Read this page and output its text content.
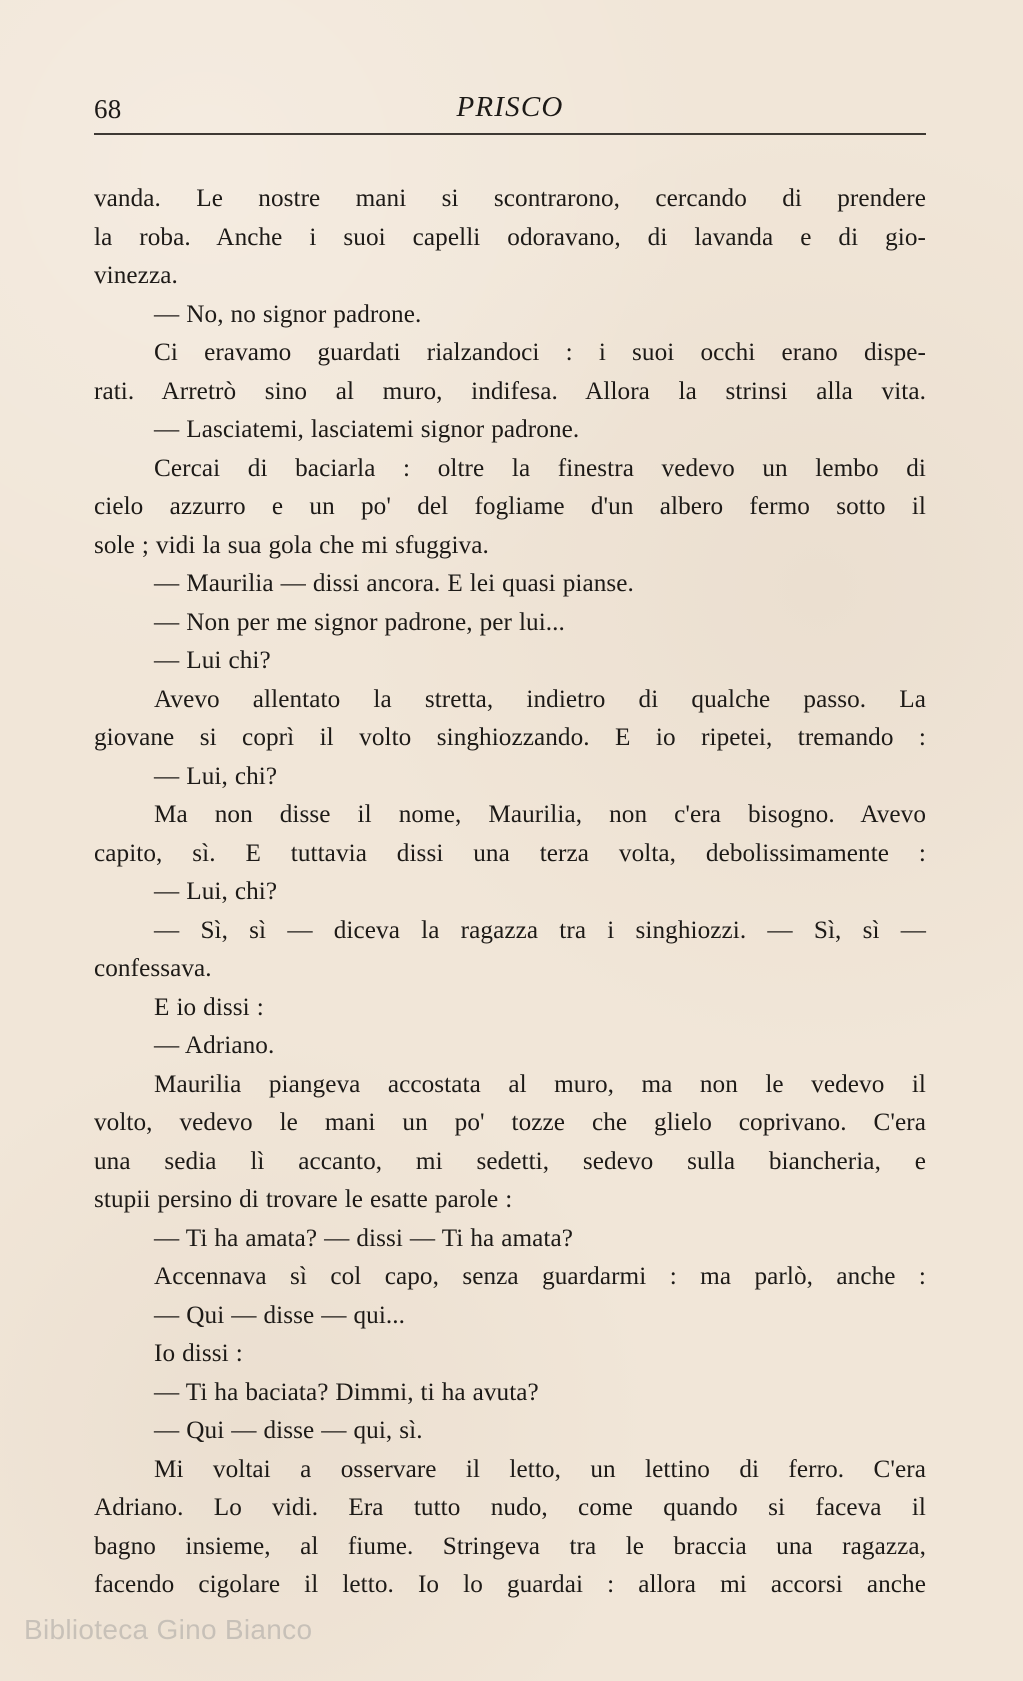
68	PRISCO
vanda. Le nostre mani si scontrarono, cercando di prendere
la roba. Anche i suoi capelli odoravano, di lavanda e di gio-
vinezza.
— No, no signor padrone.
Ci eravamo guardati rialzandoci : i suoi occhi erano dispe-
rati. Arretrò sino al muro, indifesa. Allora la strinsi alla vita.
— Lasciatemi, lasciatemi signor padrone.
Cercai di baciarla : oltre la finestra vedevo un lembo di
cielo azzurro e un po' del fogliame d'un albero fermo sotto il
sole ; vidi la sua gola che mi sfuggiva.
— Maurilia — dissi ancora. E lei quasi pianse.
— Non per me signor padrone, per lui...
— Lui chi?
Avevo allentato la stretta, indietro di qualche passo. La
giovane si coprì il volto singhiozzando. E io ripetei, tremando :
— Lui, chi?
Ma non disse il nome, Maurilia, non c'era bisogno. Avevo
capito, sì. E tuttavia dissi una terza volta, debolissimamente :
— Lui, chi?
— Sì, sì — diceva la ragazza tra i singhiozzi. — Sì, sì —
confessava.
E io dissi :
— Adriano.
Maurilia piangeva accostata al muro, ma non le vedevo il
volto, vedevo le mani un po' tozze che glielo coprivano. C'era
una sedia lì accanto, mi sedetti, sedevo sulla biancheria, e
stupii persino di trovare le esatte parole :
— Ti ha amata? — dissi — Ti ha amata?
Accennava sì col capo, senza guardarmi : ma parlò, anche :
— Qui — disse — qui...
Io dissi :
— Ti ha baciata? Dimmi, ti ha avuta?
— Qui — disse — qui, sì.
Mi voltai a osservare il letto, un lettino di ferro. C'era
Adriano. Lo vidi. Era tutto nudo, come quando si faceva il
bagno insieme, al fiume. Stringeva tra le braccia una ragazza,
facendo cigolare il letto. Io lo guardai : allora mi accorsi anche
Biblioteca Gino Bianco
